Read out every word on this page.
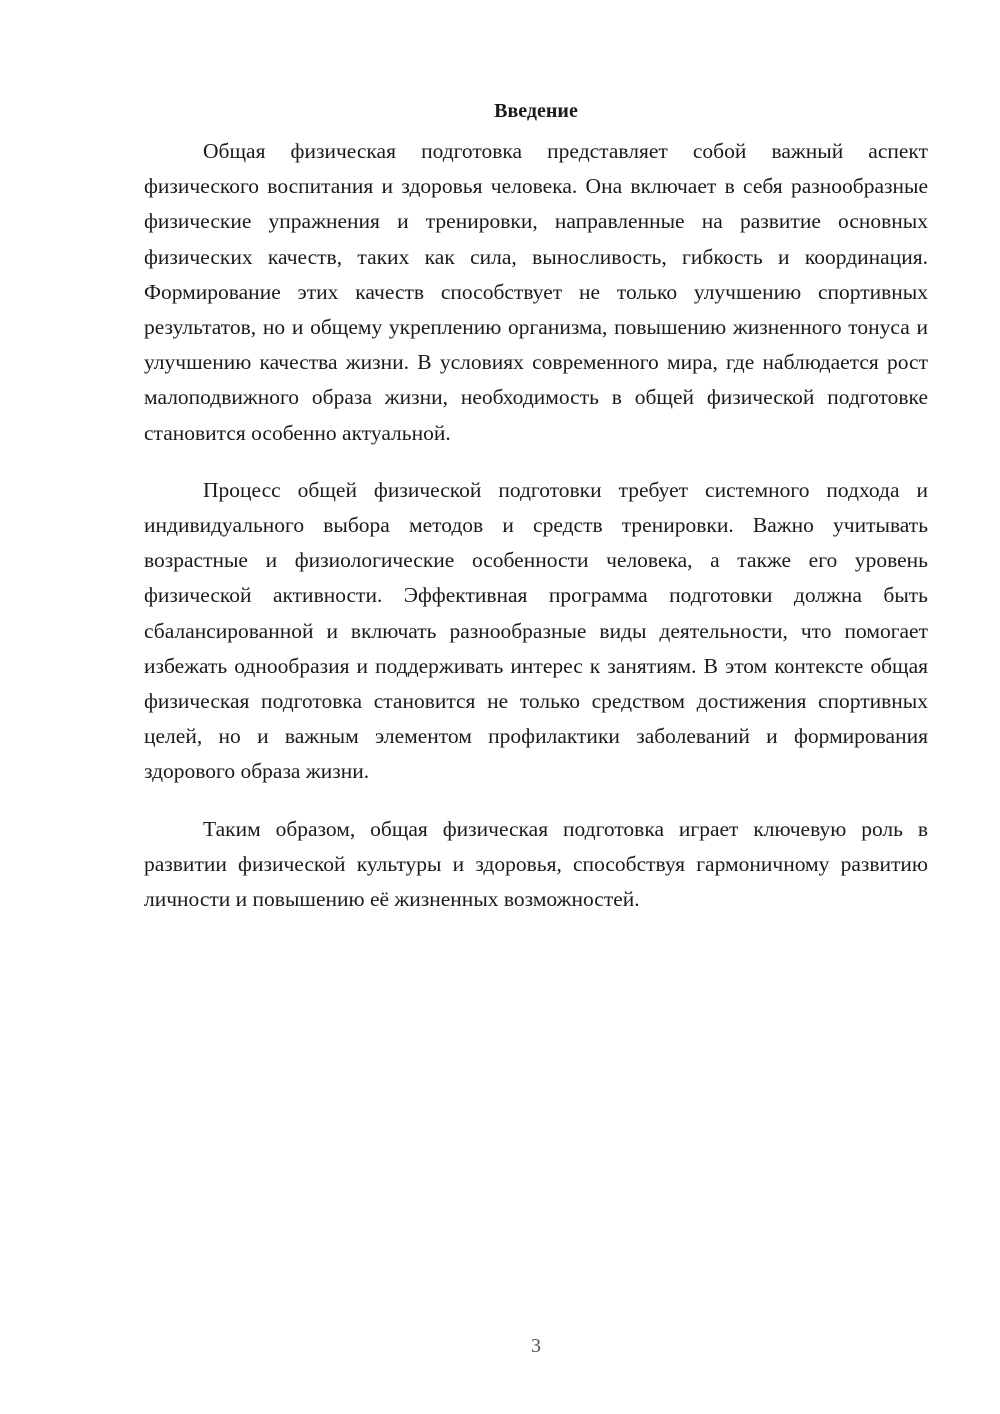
Введение

Общая физическая подготовка представляет собой важный аспект физического воспитания и здоровья человека. Она включает в себя разнообразные физические упражнения и тренировки, направленные на развитие основных физических качеств, таких как сила, выносливость, гибкость и координация. Формирование этих качеств способствует не только улучшению спортивных результатов, но и общему укреплению организма, повышению жизненного тонуса и улучшению качества жизни. В условиях современного мира, где наблюдается рост малоподвижного образа жизни, необходимость в общей физической подготовке становится особенно актуальной.

Процесс общей физической подготовки требует системного подхода и индивидуального выбора методов и средств тренировки. Важно учитывать возрастные и физиологические особенности человека, а также его уровень физической активности. Эффективная программа подготовки должна быть сбалансированной и включать разнообразные виды деятельности, что помогает избежать однообразия и поддерживать интерес к занятиям. В этом контексте общая физическая подготовка становится не только средством достижения спортивных целей, но и важным элементом профилактики заболеваний и формирования здорового образа жизни.

Таким образом, общая физическая подготовка играет ключевую роль в развитии физической культуры и здоровья, способствуя гармоничному развитию личности и повышению её жизненных возможностей.

3
